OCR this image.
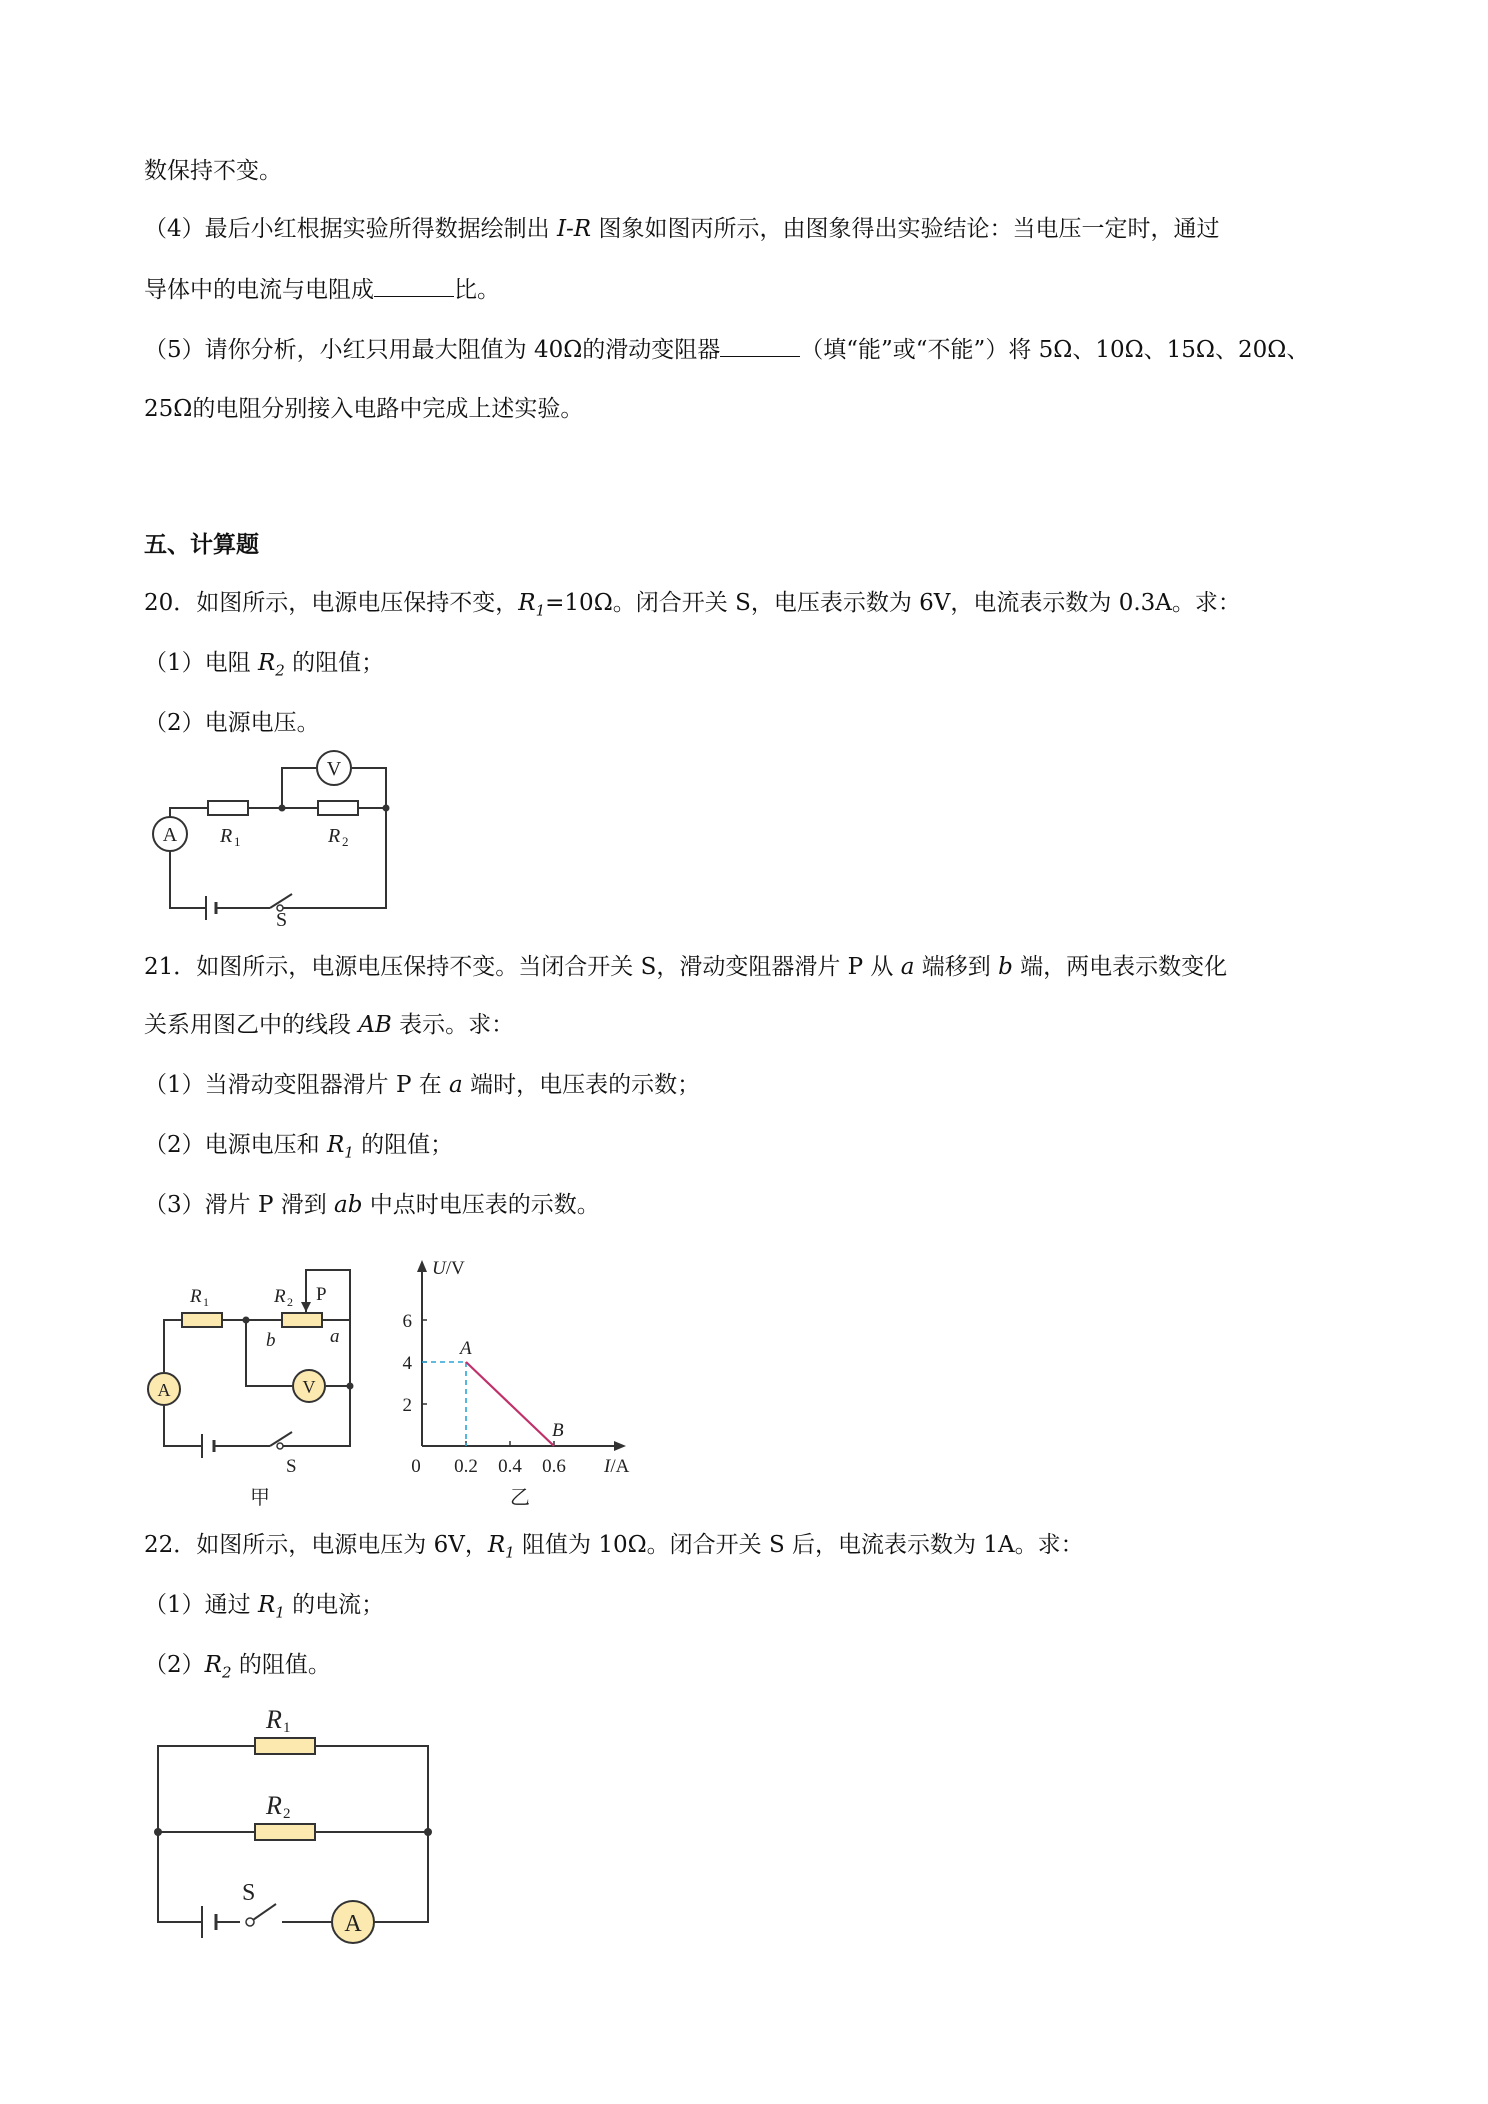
数保持不变。
（4）最后小红根据实验所得数据绘制出 I-R 图象如图丙所示，由图象得出实验结论：当电压一定时，通过
导体中的电流与电阻成	比。
（5）请你分析，小红只用最大阻值为 40Ω的滑动变阻器	（填“能”或“不能”）将 5Ω、10Ω、15Ω、20Ω、
25Ω的电阻分别接入电路中完成上述实验。
五、计算题
20．如图所示，电源电压保持不变，$R_1=10\Omega$。闭合开关 S，电压表示数为 6V，电流表示数为 0.3A。求：
（1）电阻 $R_2$ 的阻值；
（2）电源电压。
V
A R 1	R 2
S
21．如图所示，电源电压保持不变。当闭合开关 S，滑动变阻器滑片 P 从 a 端移到 b 端，两电表示数变化
关系用图乙中的线段 AB 表示。求：
（1）当滑动变阻器滑片 P 在 a 端时，电压表的示数；
（2）电源电压和 $R_1$ 的阻值；
（3）滑片 P 滑到 ab 中点时电压表的示数。
R 1	R 2 P
b	a
A	V
S
甲
U/V
I/A
0 0.2 0.4 0.6
2
4
6
A
B
乙
22．如图所示，电源电压为 6V，$R_1$ 阻值为 10Ω。闭合开关 S 后，电流表示数为 1A。求：
（1）通过 $R_1$ 的电流；
$(2)R_2$ 的阻值。
R 1
R 2
S
A
